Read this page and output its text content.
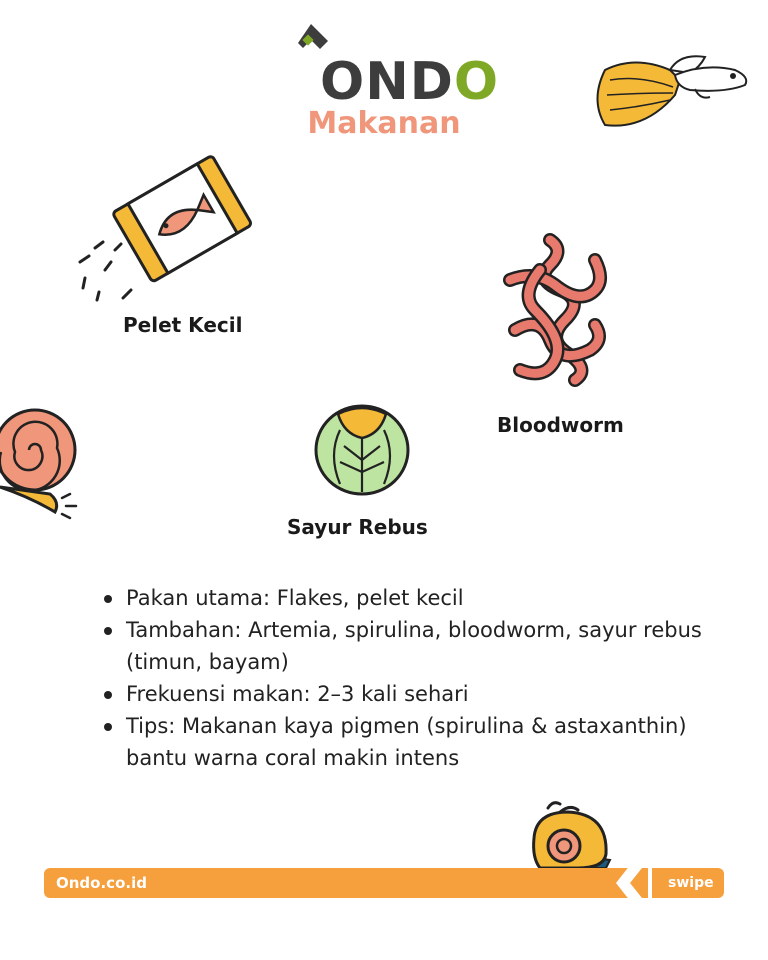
ONDO
Makanan
Pelet Kecil
Bloodworm
Sayur Rebus
Pakan utama: Flakes, pelet kecil
Tambahan: Artemia, spirulina, bloodworm, sayur rebus (timun, bayam)
Frekuensi makan: 2–3 kali sehari
Tips: Makanan kaya pigmen (spirulina & astaxanthin) bantu warna coral makin intens
Ondo.co.id	swipe
